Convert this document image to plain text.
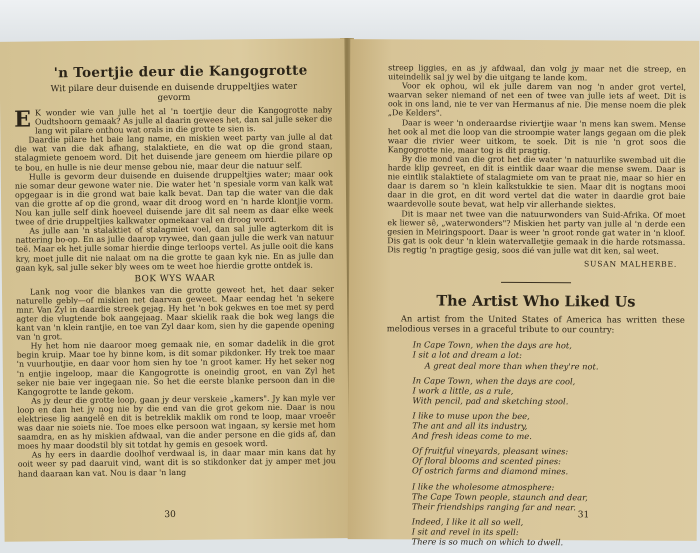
'n Toertjie deur die Kangogrotte
Wit pilare deur duisende en duisende druppeltjies water gevorm

E K wonder wie van julle het al 'n toertjie deur die Kangogrotte naby Oudtshoorn gemaak? As julle al daarin gewees het, dan sal julle seker die lang wit pilare onthou wat orals in die grotte te sien is.

Daardie pilare het baie lang name, en miskien weet party van julle al dat die wat van die dak afhang, stalaktiete, en die wat op die grond staan, stalagmiete genoem word. Dit het duisende jare geneem om hierdie pilare op te bou, en hulle is nie deur mense gebou nie, maar deur die natuur self.

Hulle is gevorm deur duisende en duisende druppeltjies water; maar ook nie somar deur gewone water nie. Die water het 'n spesiale vorm van kalk wat opgegaar is in die grond wat baie kalk bevat. Dan tap die water van die dak van die grotte af op die grond, waar dit droog word en 'n harde klontjie vorm. Nou kan julle self dink hoeveel duisende jare dit sal neem as daar elke week twee of drie druppeltjies kalkwater opmekaar val en droog word.

As julle aan 'n stalaktiet of stalagmiet voel, dan sal julle agterkom dit is nattering bo-op. En as julle daarop vrywee, dan gaan julle die werk van natuur teë. Maar ek het julle somar hierdie dinge terloops vertel. As julle ooit die kans kry, moet julle dit nie nalaat om na die grotte te gaan kyk nie. En as julle dan gaan kyk, sal julle seker bly wees om te weet hoe hierdie grotte ontdek is.

BOK WYS WAAR

Lank nog voor die blankes van die grotte geweet het, het daar seker naturelle gebly—of miskien net daarvan geweet. Maar eendag het 'n sekere mnr. Van Zyl in daardie streek gejag. Hy het 'n bok gekwes en toe met sy perd agter die vlugtende bok aangejaag. Maar skielik raak die bok weg langs die kant van 'n klein rantjie, en toe van Zyl daar kom, sien hy die gapende opening van 'n grot.

Hy het hom nie daaroor moeg gemaak nie, en somar dadelik in die grot begin kruip. Maar toe hy binne kom, is dit somar pikdonker. Hy trek toe maar 'n vuurhoutjie, en daar voor hom sien hy toe 'n groot kamer. Hy het seker nog 'n entjie ingeloop, maar die Kangogrotte is oneindig groot, en van Zyl het seker nie baie ver ingegaan nie. So het die eerste blanke persoon dan in die Kangogrotte te lande gekom.

As jy deur die grotte loop, gaan jy deur verskeie „kamers". Jy kan myle ver loop en dan het jy nog nie by die end van die grot gekom nie. Daar is nou elektriese lig aangelê en dit is betreklik maklik om rond te loop, maar vroeër was daar nie soiets nie. Toe moes elke persoon wat ingaan, sy kersie met hom saamdra, en as hy miskien afdwaal, van die ander persone en die gids af, dan moes hy maar doodstil bly sit totdat hy gemis en gesoek word.

As hy eers in daardie doolhof verdwaal is, in daar maar min kans dat hy ooit weer sy pad daaruit vind, want dit is so stikdonker dat jy amper met jou hand daaraan kan vat. Nou is daar 'n lang

30

streep liggies, en as jy afdwaal, dan volg jy maar net die streep, en uiteindelik sal jy wel by die uitgang te lande kom.

Voor ek ophou, wil ek julle darem van nog 'n ander grot vertel, waarvan seker niemand of net een of twee van julle iets af weet. Dit is ook in ons land, nie te ver van Hermanus af nie. Die mense noem die plek „De Kelders".

Daar is weer 'n onderaardse riviertjie waar 'n mens kan swem. Mense het ook al met die loop van die stroompie water langs gegaan om die plek waar die rivier weer uitkom, te soek. Dit is nie 'n grot soos die Kangogrotte nie, maar tog is dit pragtig.

By die mond van die grot het die water 'n natuurlike swembad uit die harde klip gevreet, en dit is eintlik daar waar die mense swem. Daar is nie eintlik stalaktiete of stalagmiete om van te praat nie, maar so hier en daar is darem so 'n klein kalkstukkie te sien. Maar dit is nogtans mooi daar in die grot, en dit word vertel dat die water in daardie grot baie waardevolle soute bevat, wat help vir allerhande siektes.

Dit is maar net twee van die natuurwonders van Suid-Afrika. Of moet ek liewer sê, „waterwonders"? Miskien het party van julle al 'n derde een gesien in Meiringspoort. Daar is weer 'n groot ronde gat water in 'n kloof. Dis gat is ook deur 'n klein watervalletjie gemaak in die harde rotsmassa. Dis regtig 'n pragtige gesig, soos dié van julle wat dit ken, sal weet.

SUSAN MALHERBE.
The Artist Who Liked Us

An artist from the United States of America has written these melodious verses in a graceful tribute to our country:

In Cape Town, when the days are hot,
I sit a lot and dream a lot:
A great deal more than when they're not.
In Cape Town, when the days are cool,
I work a little, as a rule,
With pencil, pad and sketching stool.
I like to muse upon the bee,
The ant and all its industry,
And fresh ideas come to me.
Of fruitful vineyards, pleasant wines:
Of floral blooms and scented pines:
Of ostrich farms and diamond mines.
I like the wholesome atmosphere:
The Cape Town people, staunch and dear,
Their friendships ranging far and near.
Indeed, I like it all so well,
I sit and revel in its spell:
There is so much on which to dwell.
31
